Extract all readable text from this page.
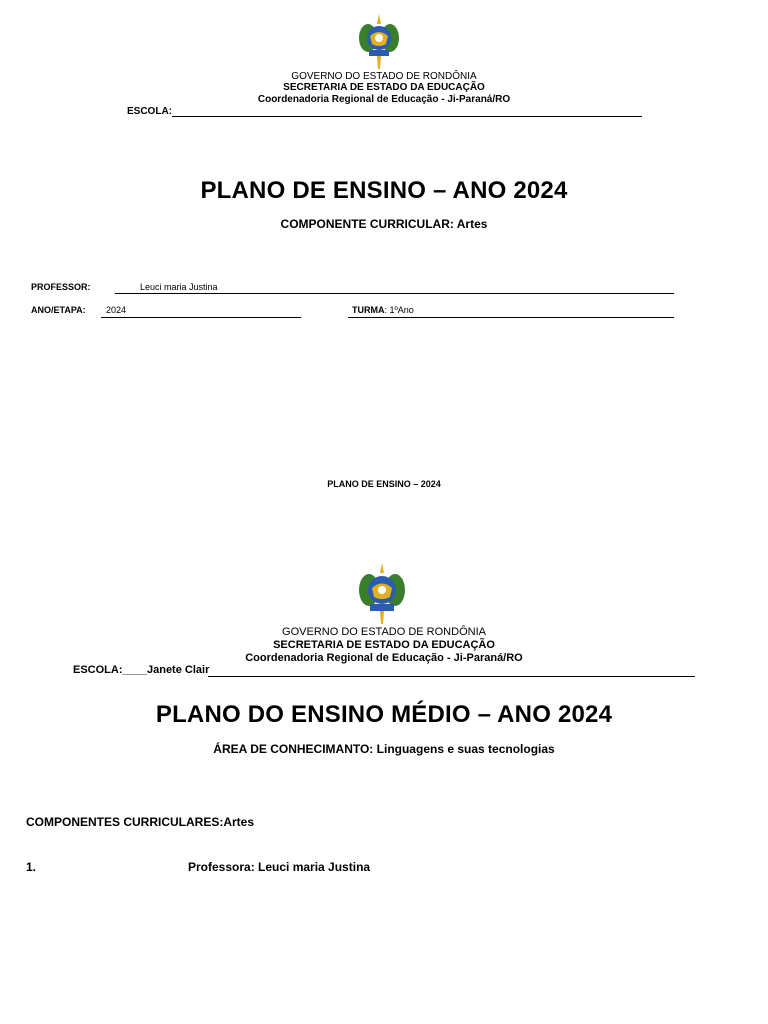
GOVERNO DO ESTADO DE RONDÔNIA
SECRETARIA DE ESTADO DA EDUCAÇÃO
Coordenadoria Regional de Educação - Ji-Paraná/RO
ESCOLA:
PLANO DE ENSINO – ANO 2024
COMPONENTE CURRICULAR: Artes
PROFESSOR:	Leuci maria Justina
ANO/ETAPA: 2024	TURMA: 1ºAno
PLANO DE ENSINO – 2024
GOVERNO DO ESTADO DE RONDÔNIA
SECRETARIA DE ESTADO DA EDUCAÇÃO
Coordenadoria Regional de Educação - Ji-Paraná/RO
ESCOLA:____Janete Clair
PLANO DO ENSINO MÉDIO – ANO 2024
ÁREA DE CONHECIMANTO: Linguagens e suas tecnologias
COMPONENTES CURRICULARES:Artes
1.	Professora: Leuci maria Justina
